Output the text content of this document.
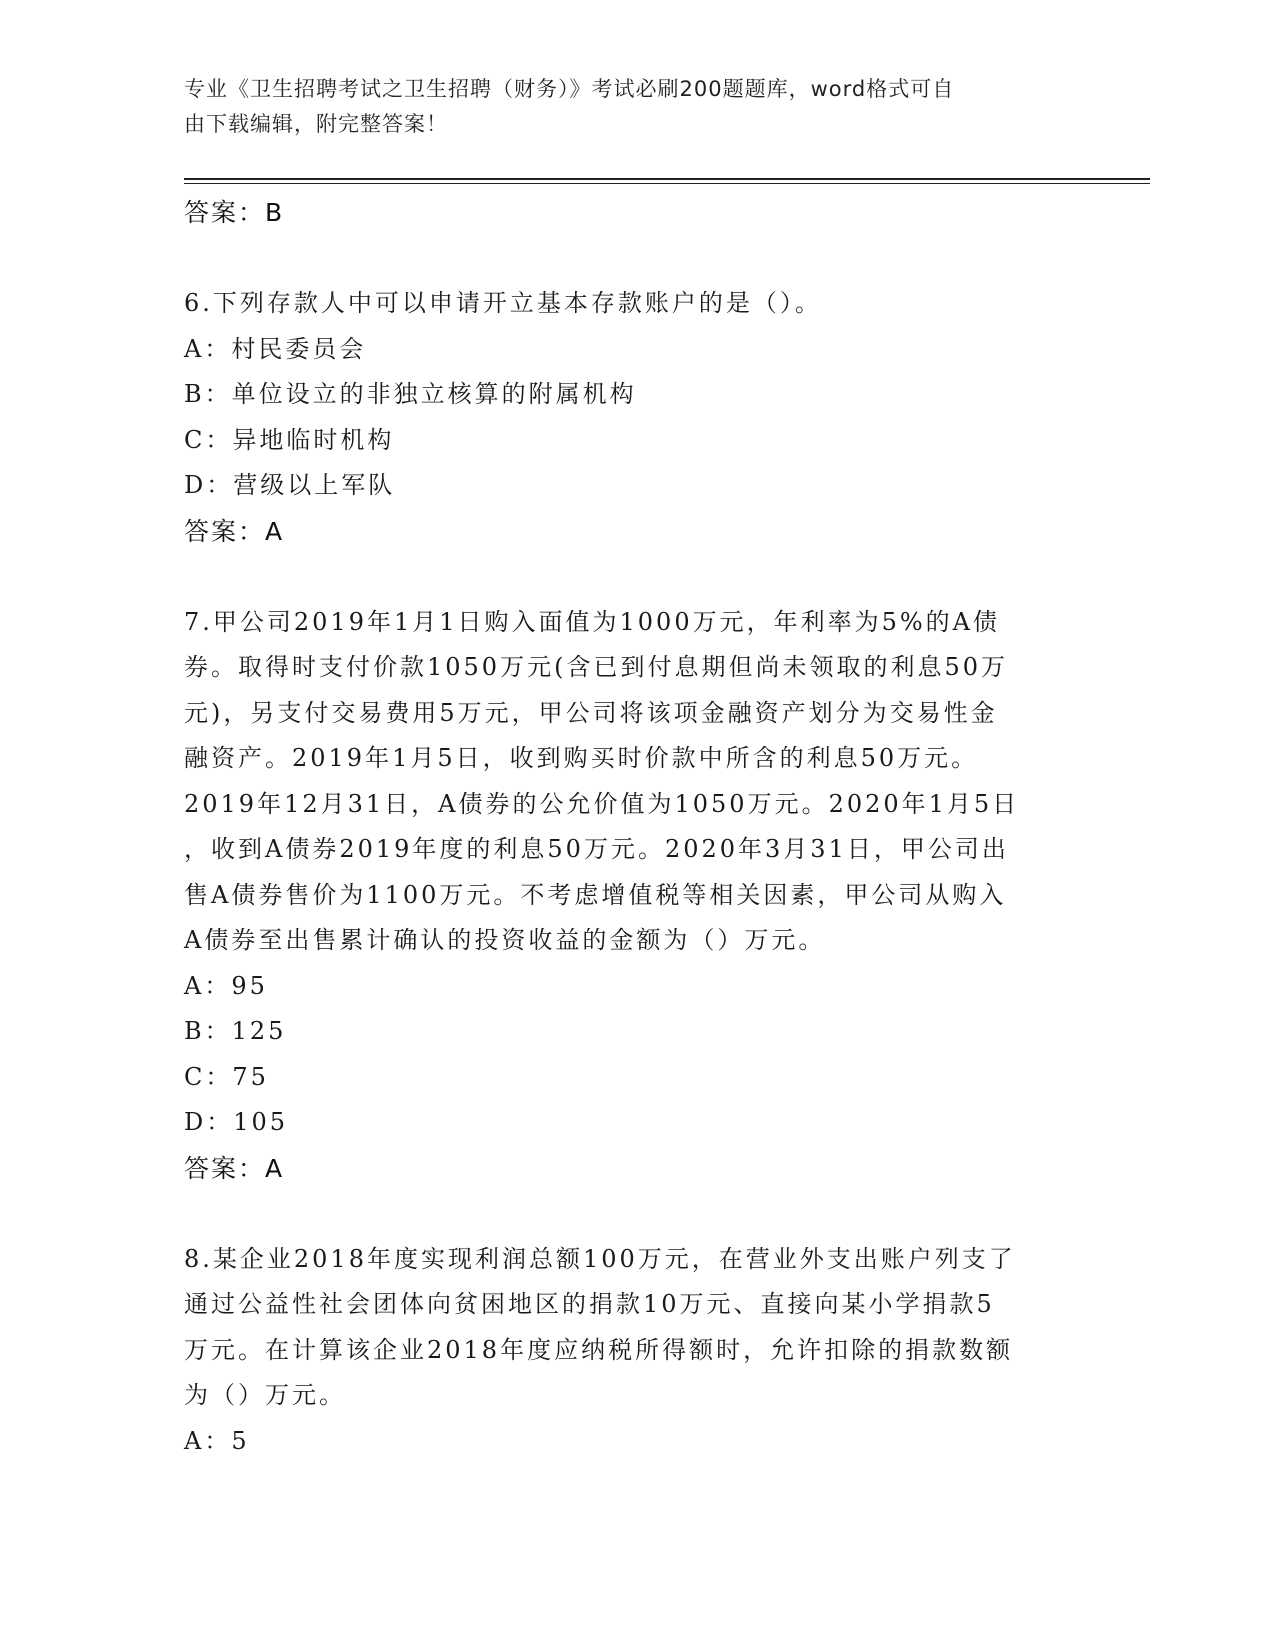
专业《卫生招聘考试之卫生招聘（财务）》考试必刷200题题库，word格式可自
由下载编辑，附完整答案！
答案：B
6.下列存款人中可以申请开立基本存款账户的是（）。
A：村民委员会
B：单位设立的非独立核算的附属机构
C：异地临时机构
D：营级以上军队
答案：A
7.甲公司2019年1月1日购入面值为1000万元，年利率为5%的A债
券。取得时支付价款1050万元(含已到付息期但尚未领取的利息50万
元)，另支付交易费用5万元，甲公司将该项金融资产划分为交易性金
融资产。2019年1月5日，收到购买时价款中所含的利息50万元。
2019年12月31日，A债券的公允价值为1050万元。2020年1月5日
，收到A债券2019年度的利息50万元。2020年3月31日，甲公司出
售A债券售价为1100万元。不考虑增值税等相关因素，甲公司从购入
A债券至出售累计确认的投资收益的金额为（）万元。
A：95
B：125
C：75
D：105
答案：A
8.某企业2018年度实现利润总额100万元，在营业外支出账户列支了
通过公益性社会团体向贫困地区的捐款10万元、直接向某小学捐款5
万元。在计算该企业2018年度应纳税所得额时，允许扣除的捐款数额
为（）万元。
A：5
